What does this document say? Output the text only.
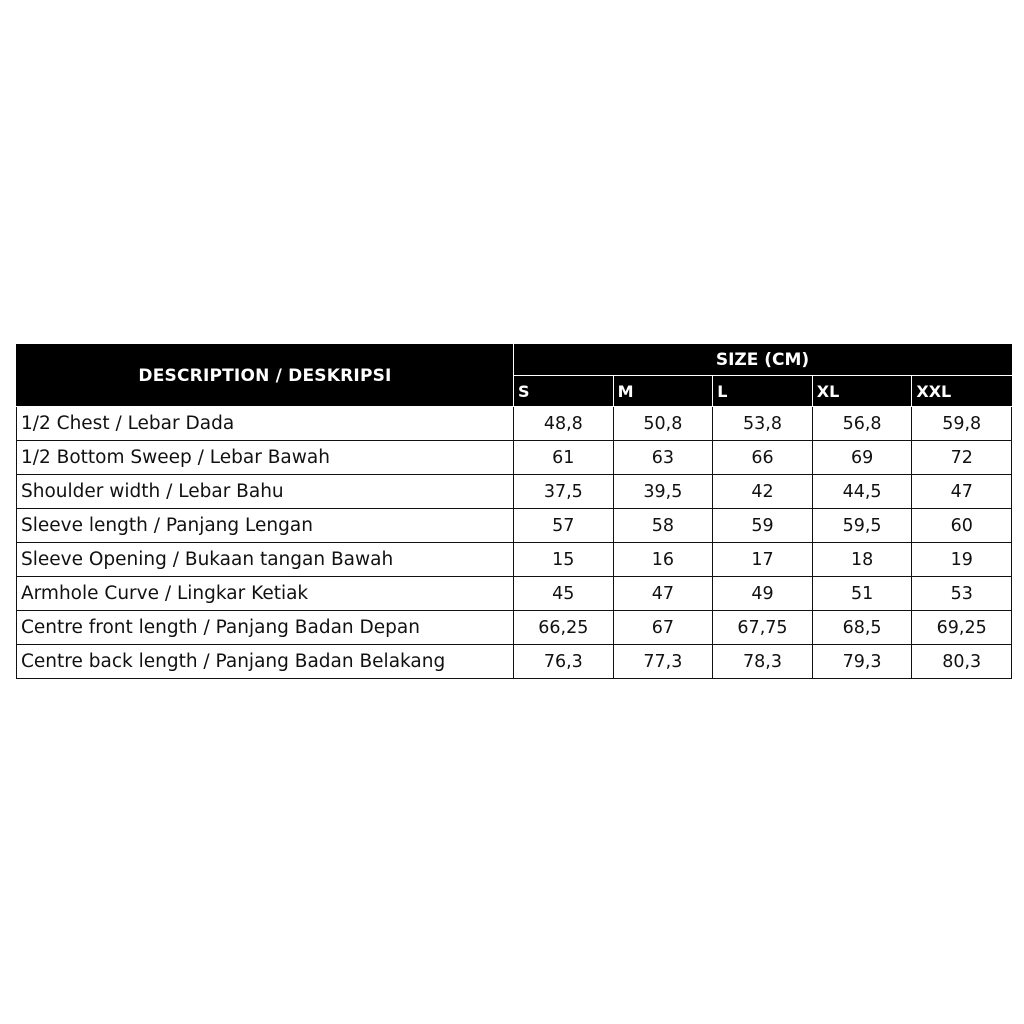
DESCRIPTION / DESKRIPSI	SIZE (CM)				
	S	M	L	XL	XXL
1/2 Chest / Lebar Dada	48,8	50,8	53,8	56,8	59,8
1/2 Bottom Sweep / Lebar Bawah	61	63	66	69	72
Shoulder width / Lebar Bahu	37,5	39,5	42	44,5	47
Sleeve length / Panjang Lengan	57	58	59	59,5	60
Sleeve Opening / Bukaan tangan Bawah	15	16	17	18	19
Armhole Curve / Lingkar Ketiak	45	47	49	51	53
Centre front length / Panjang Badan Depan	66,25	67	67,75	68,5	69,25
Centre back length / Panjang Badan Belakang	76,3	77,3	78,3	79,3	80,3
